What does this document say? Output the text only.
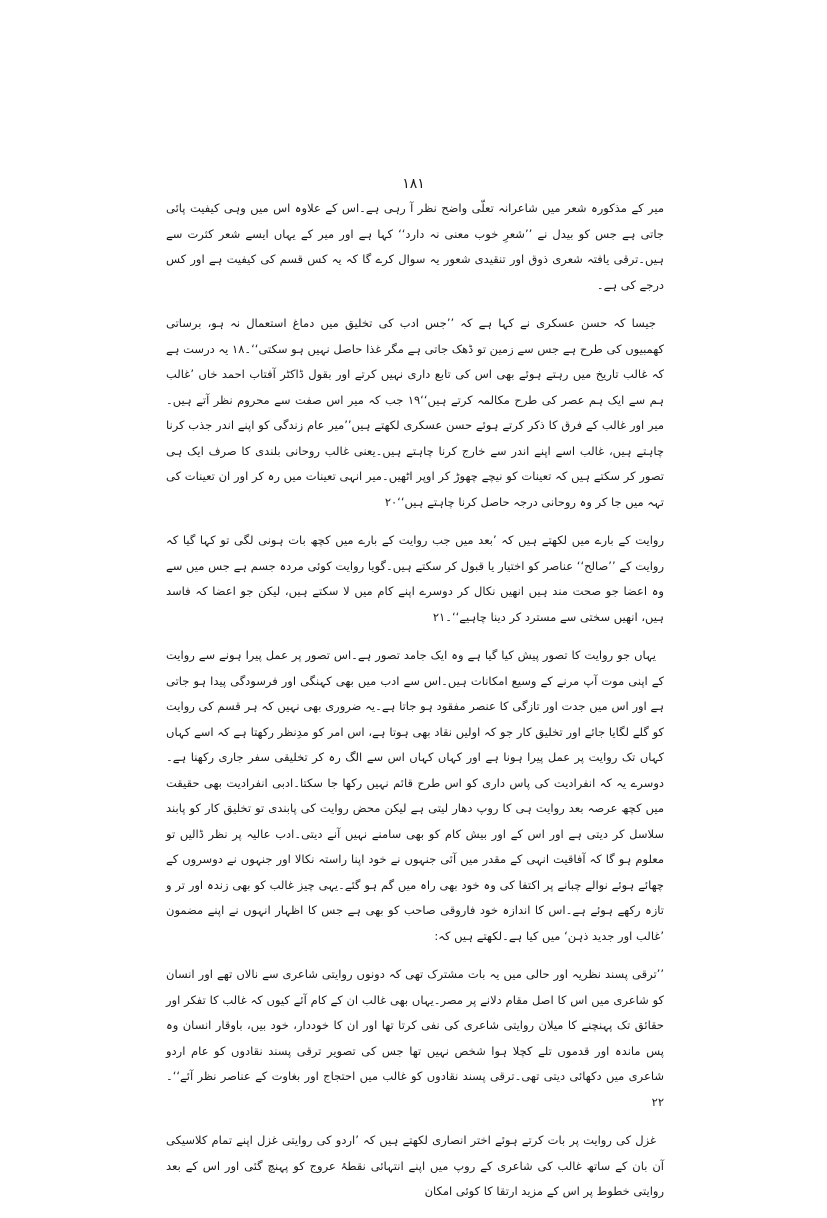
۱۸۱

میر کے مذکورہ شعر میں شاعرانہ تعلّی واضح نظر آ رہی ہے۔اس کے علاوہ اس میں وہی کیفیت پائی جاتی ہے جس کو بیدل نے ’’شعرِ خوب معنی نہ دارد‘‘ کہا ہے اور میر کے یہاں ایسے شعر کثرت سے ہیں۔ترقی یافتہ شعری ذوق اور تنقیدی شعور یہ سوال کرے گا کہ یہ کس قسم کی کیفیت ہے اور کس درجے کی ہے۔

جیسا کہ حسن عسکری نے کہا ہے کہ ’’جس ادب کی تخلیق میں دماغ استعمال نہ ہو، برساتی کھمبیوں کی طرح ہے جس سے زمین تو ڈھک جاتی ہے مگر غذا حاصل نہیں ہو سکتی‘‘۔۱۸ یہ درست ہے کہ غالب تاریخ میں رہتے ہوئے بھی اس کی تابع داری نہیں کرتے اور بقول ڈاکٹر آفتاب احمد خاں ’غالب ہم سے ایک ہم عصر کی طرح مکالمہ کرتے ہیں‘‘۱۹ جب کہ میر اس صفت سے محروم نظر آتے ہیں۔میر اور غالب کے فرق کا ذکر کرتے ہوئے حسن عسکری لکھتے ہیں’’میر عام زندگی کو اپنے اندر جذب کرنا چاہتے ہیں، غالب اسے اپنے اندر سے خارج کرنا چاہتے ہیں۔یعنی غالب روحانی بلندی کا صرف ایک ہی تصور کر سکتے ہیں کہ تعینات کو نیچے چھوڑ کر اوپر اٹھیں۔میر انہی تعینات میں رہ کر اور ان تعینات کی تہہ میں جا کر وہ روحانی درجہ حاصل کرنا چاہتے ہیں‘‘۲۰

روایت کے بارے میں لکھتے ہیں کہ ’بعد میں جب روایت کے بارے میں کچھ بات ہونی لگی تو کہا گیا کہ روایت کے ’’صالح‘‘ عناصر کو اختیار یا قبول کر سکتے ہیں۔گویا روایت کوئی مردہ جسم ہے جس میں سے وہ اعضا جو صحت مند ہیں انھیں نکال کر دوسرے اپنے کام میں لا سکتے ہیں، لیکن جو اعضا کہ فاسد ہیں، انھیں سختی سے مسترد کر دینا چاہیے‘‘۔۲۱

یہاں جو روایت کا تصور پیش کیا گیا ہے وہ ایک جامد تصور ہے۔اس تصور پر عمل پیرا ہونے سے روایت کے اپنی موت آپ مرنے کے وسیع امکانات ہیں۔اس سے ادب میں بھی کہنگی اور فرسودگی پیدا ہو جاتی ہے اور اس میں جدت اور تازگی کا عنصر مفقود ہو جاتا ہے۔یہ ضروری بھی نہیں کہ ہر قسم کی روایت کو گلے لگایا جائے اور تخلیق کار جو کہ اولیں نقاد بھی ہوتا ہے، اس امر کو مدِنظر رکھتا ہے کہ اسے کہاں کہاں تک روایت پر عمل پیرا ہونا ہے اور کہاں کہاں اس سے الگ رہ کر تخلیقی سفر جاری رکھنا ہے۔دوسرے یہ کہ انفرادیت کی پاس داری کو اس طرح قائم نہیں رکھا جا سکتا۔ادبی انفرادیت بھی حقیقت میں کچھ عرصہ بعد روایت ہی کا روپ دھار لیتی ہے لیکن محض روایت کی پابندی تو تخلیق کار کو پابند سلاسل کر دیتی ہے اور اس کے اور بیش کام کو بھی سامنے نہیں آنے دیتی۔ادب عالیہ پر نظر ڈالیں تو معلوم ہو گا کہ آفاقیت انہی کے مقدر میں آئی جنہوں نے خود اپنا راستہ نکالا اور جنہوں نے دوسروں کے چھائے ہوئے نوالے چبانے پر اکتفا کی وہ خود بھی راہ میں گم ہو گئے۔یہی چیز غالب کو بھی زندہ اور تر و تازہ رکھے ہوئے ہے۔اس کا اندازہ خود فاروقی صاحب کو بھی ہے جس کا اظہار انہوں نے اپنے مضمون ’غالب اور جدید ذہن‘ میں کیا ہے۔لکھتے ہیں کہ:

’’ترقی پسند نظریہ اور حالی میں یہ بات مشترک تھی کہ دونوں روایتی شاعری سے نالاں تھے اور انسان کو شاعری میں اس کا اصل مقام دلانے پر مصر۔یہاں بھی غالب ان کے کام آئے کیوں کہ غالب کا تفکر اور حقائق تک پہنچنے کا میلان روایتی شاعری کی نفی کرتا تھا اور ان کا خوددار، خود بیں، باوقار انسان وہ پس ماندہ اور قدموں تلے کچلا ہوا شخص نہیں تھا جس کی تصویر ترقی پسند نقادوں کو عام اردو شاعری میں دکھائی دیتی تھی۔ترقی پسند نقادوں کو غالب میں احتجاج اور بغاوت کے عناصر نظر آئے‘‘۔۲۲

غزل کی روایت پر بات کرتے ہوئے اختر انصاری لکھتے ہیں کہ ’اردو کی روایتی غزل اپنے تمام کلاسیکی آن بان کے ساتھ غالب کی شاعری کے روپ میں اپنے انتہائی نقطۂ عروج کو پہنچ گئی اور اس کے بعد روایتی خطوط پر اس کے مزید ارتقا کا کوئی امکان
